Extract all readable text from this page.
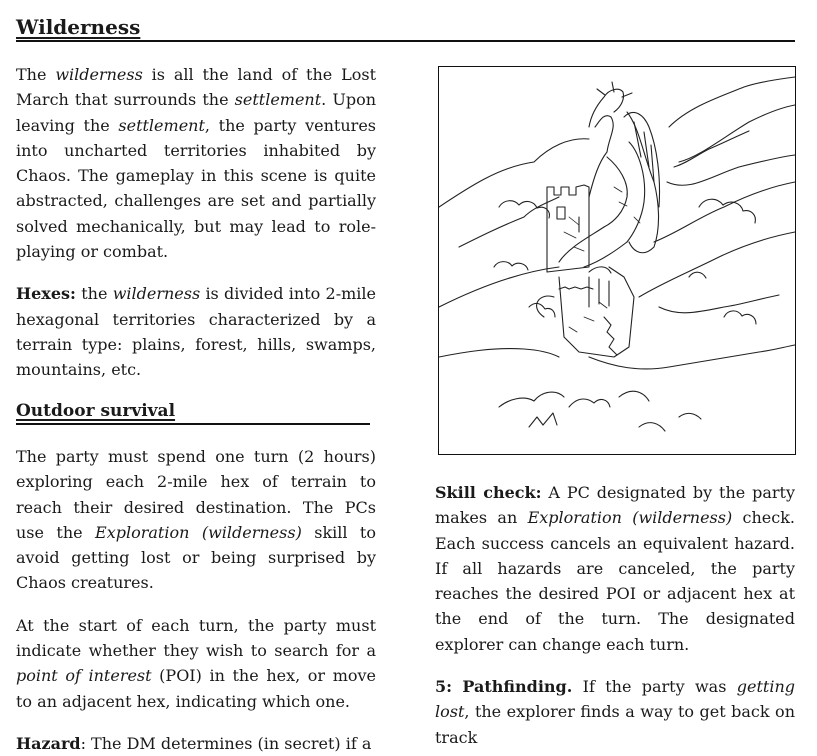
Wilderness

The wilderness is all the land of the Lost March that surrounds the settlement. Upon leaving the settlement, the party ventures into uncharted territories inhabited by Chaos. The gameplay in this scene is quite abstracted, challenges are set and partially solved mechanically, but may lead to role-playing or combat.

Hexes: the wilderness is divided into 2-mile hexagonal territories characterized by a terrain type: plains, forest, hills, swamps, mountains, etc.

Outdoor survival

The party must spend one turn (2 hours) exploring each 2-mile hex of terrain to reach their desired destination. The PCs use the Exploration (wilderness) skill to avoid getting lost or being surprised by Chaos creatures.

At the start of each turn, the party must indicate whether they wish to search for a point of interest (POI) in the hex, or move to an adjacent hex, indicating which one.

Hazard: The DM determines (in secret) if a

Skill check: A PC designated by the party makes an Exploration (wilderness) check. Each success cancels an equivalent hazard. If all hazards are canceled, the party reaches the desired POI or adjacent hex at the end of the turn. The designated explorer can change each turn.

5: Pathfinding. If the party was getting lost, the explorer finds a way to get back on track
